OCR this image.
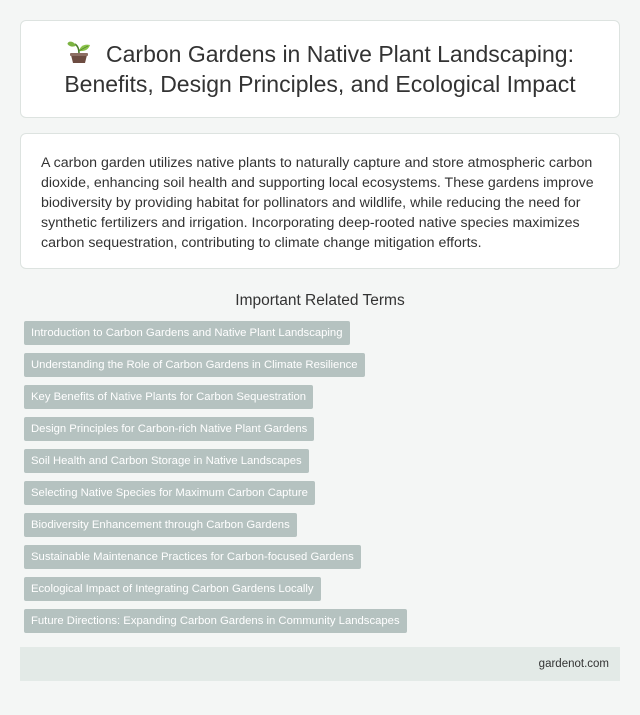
Carbon Gardens in Native Plant Landscaping:
Benefits, Design Principles, and Ecological Impact

A carbon garden utilizes native plants to naturally capture and store atmospheric carbon dioxide, enhancing soil health and supporting local ecosystems. These gardens improve biodiversity by providing habitat for pollinators and wildlife, while reducing the need for synthetic fertilizers and irrigation. Incorporating deep-rooted native species maximizes carbon sequestration, contributing to climate change mitigation efforts.

Important Related Terms
Introduction to Carbon Gardens and Native Plant Landscaping
Understanding the Role of Carbon Gardens in Climate Resilience
Key Benefits of Native Plants for Carbon Sequestration
Design Principles for Carbon-rich Native Plant Gardens
Soil Health and Carbon Storage in Native Landscapes
Selecting Native Species for Maximum Carbon Capture
Biodiversity Enhancement through Carbon Gardens
Sustainable Maintenance Practices for Carbon-focused Gardens
Ecological Impact of Integrating Carbon Gardens Locally
Future Directions: Expanding Carbon Gardens in Community Landscapes
gardenot.com
